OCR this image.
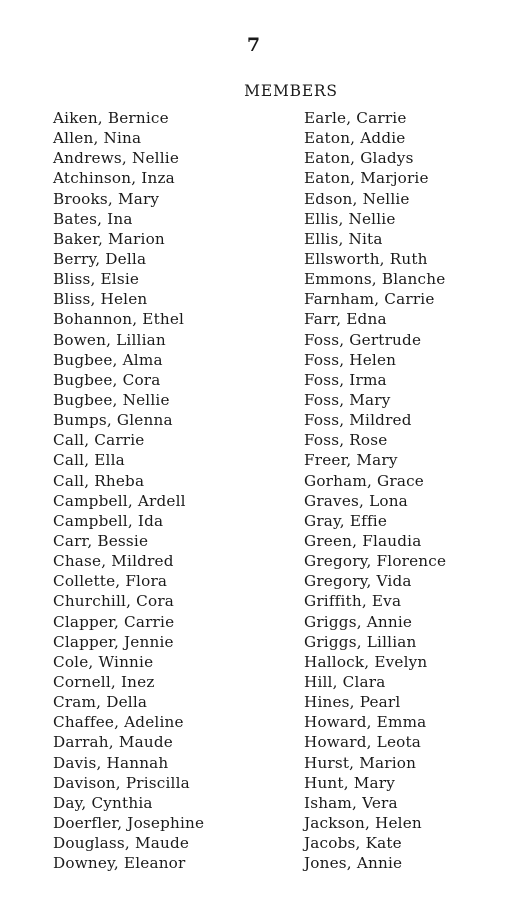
7
MEMBERS
Aiken, Bernice
Allen, Nina
Andrews, Nellie
Atchinson, Inza
Brooks, Mary
Bates, Ina
Baker, Marion
Berry, Della
Bliss, Elsie
Bliss, Helen
Bohannon, Ethel
Bowen, Lillian
Bugbee, Alma
Bugbee, Cora
Bugbee, Nellie
Bumps, Glenna
Call, Carrie
Call, Ella
Call, Rheba
Campbell, Ardell
Campbell, Ida
Carr, Bessie
Chase, Mildred
Collette, Flora
Churchill, Cora
Clapper, Carrie
Clapper, Jennie
Cole, Winnie
Cornell, Inez
Cram, Della
Chaffee, Adeline
Darrah, Maude
Davis, Hannah
Davison, Priscilla
Day, Cynthia
Doerfler, Josephine
Douglass, Maude
Downey, Eleanor
Earle, Carrie
Eaton, Addie
Eaton, Gladys
Eaton, Marjorie
Edson, Nellie
Ellis, Nellie
Ellis, Nita
Ellsworth, Ruth
Emmons, Blanche
Farnham, Carrie
Farr, Edna
Foss, Gertrude
Foss, Helen
Foss, Irma
Foss, Mary
Foss, Mildred
Foss, Rose
Freer, Mary
Gorham, Grace
Graves, Lona
Gray, Effie
Green, Flaudia
Gregory, Florence
Gregory, Vida
Griffith, Eva
Griggs, Annie
Griggs, Lillian
Hallock, Evelyn
Hill, Clara
Hines, Pearl
Howard, Emma
Howard, Leota
Hurst, Marion
Hunt, Mary
Isham, Vera
Jackson, Helen
Jacobs, Kate
Jones, Annie
